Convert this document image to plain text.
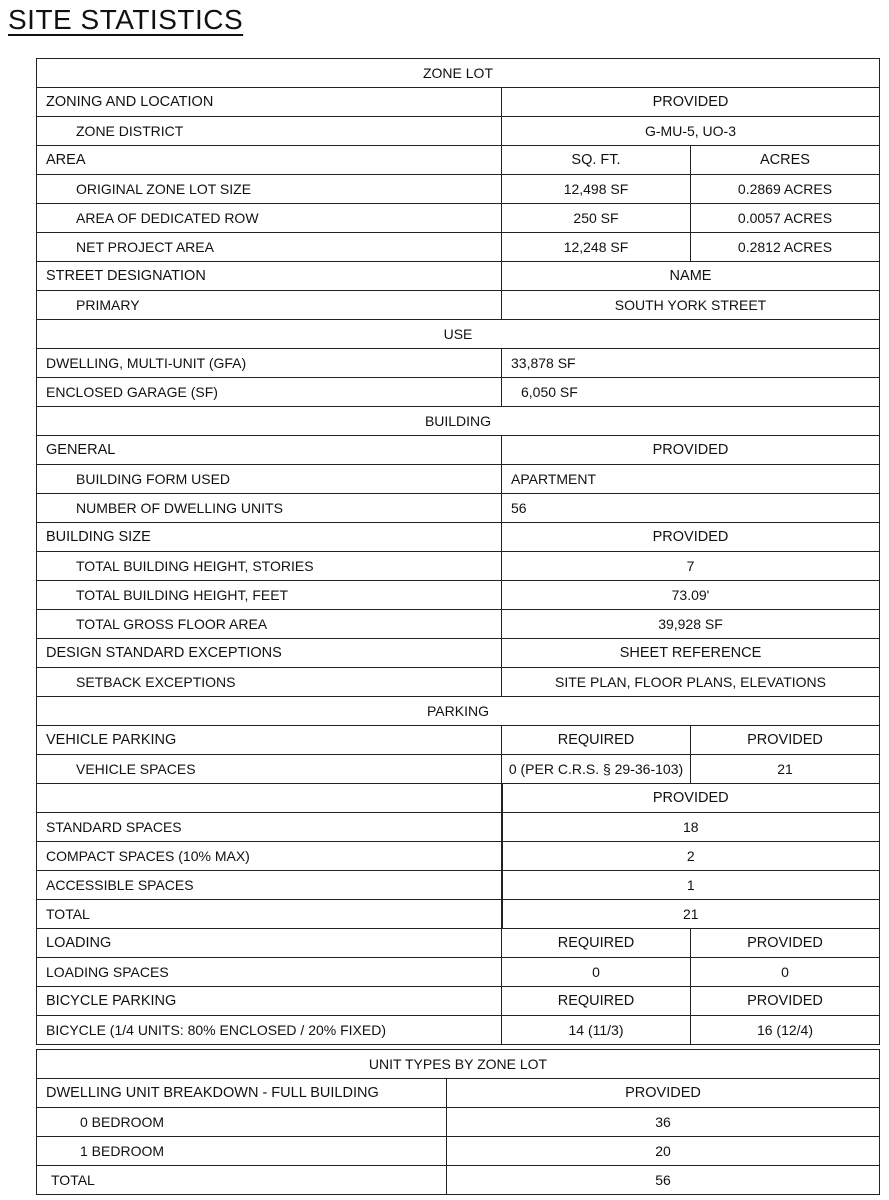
SITE STATISTICS
ZONE LOT		
ZONING AND LOCATION	PROVIDED	
ZONE DISTRICT	G-MU-5, UO-3	
AREA	SQ. FT.	ACRES
ORIGINAL ZONE LOT SIZE	12,498 SF	0.2869 ACRES
AREA OF DEDICATED ROW	250 SF	0.0057 ACRES
NET PROJECT AREA	12,248 SF	0.2812 ACRES
STREET DESIGNATION	NAME	
PRIMARY	SOUTH YORK STREET	
USE		
DWELLING, MULTI-UNIT (GFA)	33,878 SF	
ENCLOSED GARAGE (SF)	6,050 SF	
BUILDING		
GENERAL	PROVIDED	
BUILDING FORM USED	APARTMENT	
NUMBER OF DWELLING UNITS	56	
BUILDING SIZE	PROVIDED	
TOTAL BUILDING HEIGHT, STORIES	7	
TOTAL BUILDING HEIGHT, FEET	73.09'	
TOTAL GROSS FLOOR AREA	39,928 SF	
DESIGN STANDARD EXCEPTIONS	SHEET REFERENCE	
SETBACK EXCEPTIONS	SITE PLAN, FLOOR PLANS, ELEVATIONS	
PARKING		
VEHICLE PARKING	REQUIRED	PROVIDED
VEHICLE SPACES	0 (PER C.R.S. § 29-36-103)	21
	PROVIDED	
STANDARD SPACES	18	
COMPACT SPACES (10% MAX)	2	
ACCESSIBLE SPACES	1	
TOTAL	21	
LOADING	REQUIRED	PROVIDED
LOADING SPACES	0	0
BICYCLE PARKING	REQUIRED	PROVIDED
BICYCLE (1/4 UNITS: 80% ENCLOSED / 20% FIXED)	14 (11/3)	16 (12/4)
UNIT TYPES BY ZONE LOT	
DWELLING UNIT BREAKDOWN - FULL BUILDING	PROVIDED
0 BEDROOM	36
1 BEDROOM	20
TOTAL	56
